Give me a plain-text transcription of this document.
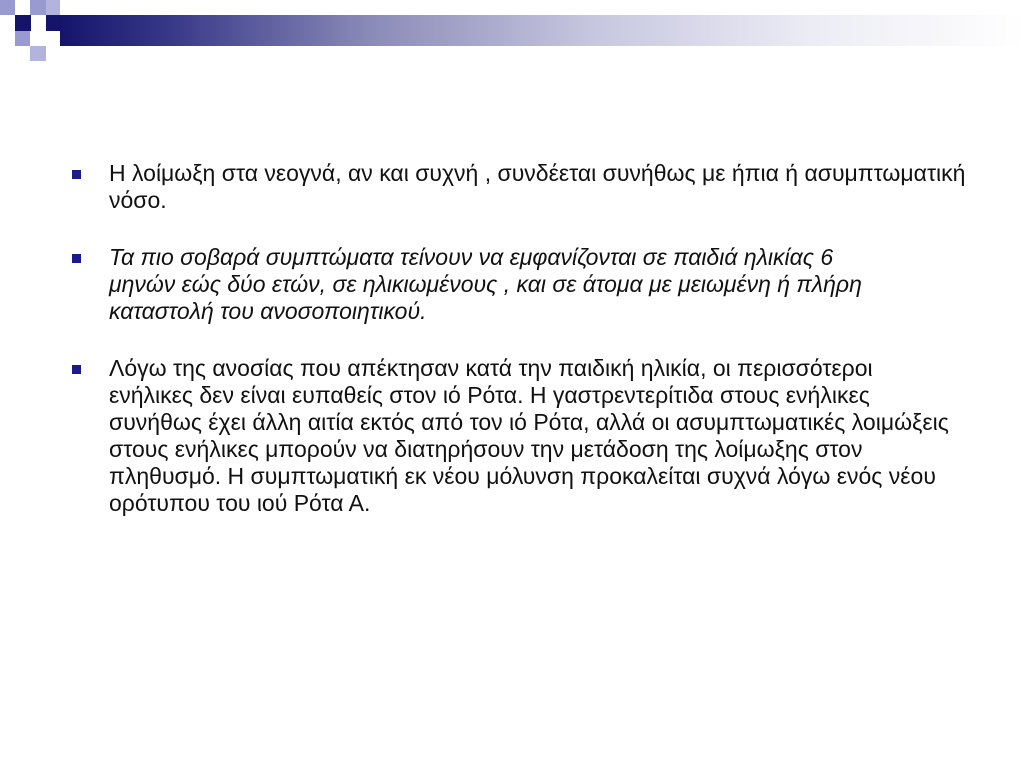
Η λοίμωξη στα νεογνά, αν και συχνή , συνδέεται συνήθως με ήπια ή ασυμπτωματική νόσο.
Τα πιο σοβαρά συμπτώματα τείνουν να εμφανίζονται σε παιδιά ηλικίας 6 μηνών εώς δύο ετών, σε ηλικιωμένους , και σε άτομα με μειωμένη ή πλήρη καταστολή του ανοσοποιητικού.
Λόγω της ανοσίας που απέκτησαν κατά την παιδική ηλικία, οι περισσότεροι ενήλικες δεν είναι ευπαθείς στον ιό Ρότα. Η γαστρεντερίτιδα στους ενήλικες συνήθως έχει άλλη αιτία εκτός από τον ιό Ρότα, αλλά οι ασυμπτωματικές λοιμώξεις στους ενήλικες μπορούν να διατηρήσουν την μετάδοση της λοίμωξης στον πληθυσμό. Η συμπτωματική εκ νέου μόλυνση προκαλείται συχνά λόγω ενός νέου ορότυπου του ιού Ρότα Α.
